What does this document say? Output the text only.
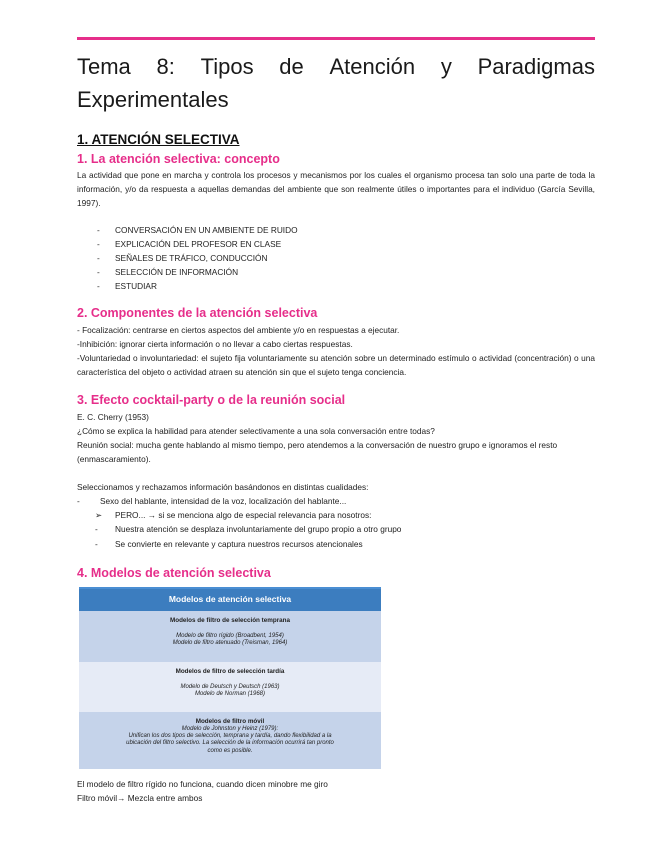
Tema 8: Tipos de Atención y Paradigmas
Experimentales
1. ATENCIÓN SELECTIVA
1. La atención selectiva: concepto
La actividad que pone en marcha y controla los procesos y mecanismos por los cuales el organismo procesa tan solo una parte de toda la información, y/o da respuesta a aquellas demandas del ambiente que son realmente útiles o importantes para el individuo (García Sevilla, 1997).
- CONVERSACIÓN EN UN AMBIENTE DE RUIDO
- EXPLICACIÓN DEL PROFESOR EN CLASE
- SEÑALES DE TRÁFICO, CONDUCCIÓN
- SELECCIÓN DE INFORMACIÓN
- ESTUDIAR
2. Componentes de la atención selectiva
- Focalización: centrarse en ciertos aspectos del ambiente y/o en respuestas a ejecutar.
-Inhibición: ignorar cierta información o no llevar a cabo ciertas respuestas.
-Voluntariedad o involuntariedad: el sujeto fija voluntariamente su atención sobre un determinado estímulo o actividad (concentración) o una característica del objeto o actividad atraen su atención sin que el sujeto tenga conciencia.
3. Efecto cocktail-party o de la reunión social
E. C. Cherry (1953)
¿Cómo se explica la habilidad para atender selectivamente a una sola conversación entre todas?
Reunión social: mucha gente hablando al mismo tiempo, pero atendemos a la conversación de nuestro grupo e ignoramos el resto (enmascaramiento).
Seleccionamos y rechazamos información basándonos en distintas cualidades:
- Sexo del hablante, intensidad de la voz, localización del hablante...
➢ PERO... → si se menciona algo de especial relevancia para nosotros:
- Nuestra atención se desplaza involuntariamente del grupo propio a otro grupo
- Se convierte en relevante y captura nuestros recursos atencionales
4. Modelos de atención selectiva
Modelos de atención selectiva
Modelos de filtro de selección temprana
Modelo de filtro rígido (Broadbent, 1954)
Modelo de filtro atenuado (Treisman, 1964)
Modelos de filtro de selección tardía
Modelo de Deutsch y Deutsch (1963)
Modelo de Norman (1968)
Modelos de filtro móvil
Modelo de Johnston y Heinz (1979):
Unifican los dos tipos de selección, temprana y tardía, dando flexibilidad a la
ubicación del filtro selectivo. La selección de la información ocurrirá tan pronto
como es posible.
El modelo de filtro rígido no funciona, cuando dicen minobre me giro
Filtro móvil→ Mezcla entre ambos
